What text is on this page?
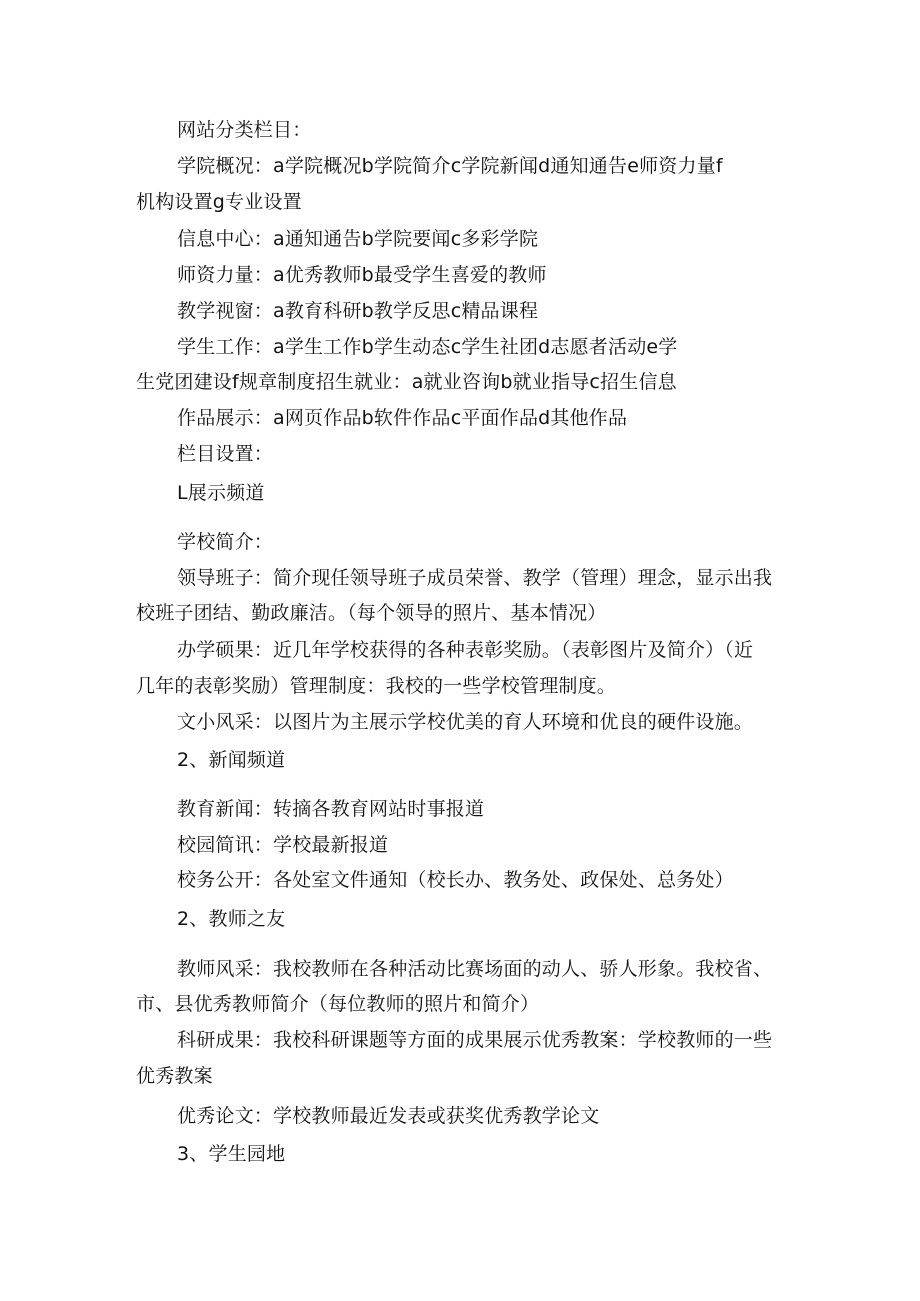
网站分类栏目：
学院概况：a学院概况b学院简介c学院新闻d通知通告e师资力量f
机构设置g专业设置
信息中心：a通知通告b学院要闻c多彩学院
师资力量：a优秀教师b最受学生喜爱的教师
教学视窗：a教育科研b教学反思c精品课程
学生工作：a学生工作b学生动态c学生社团d志愿者活动e学
生党团建设f规章制度招生就业：a就业咨询b就业指导c招生信息
作品展示：a网页作品b软件作品c平面作品d其他作品
栏目设置：
L展示频道
学校简介：
领导班子：简介现任领导班子成员荣誉、教学（管理）理念，显示出我
校班子团结、勤政廉洁。（每个领导的照片、基本情况）
办学硕果：近几年学校获得的各种表彰奖励。（表彰图片及简介）（近
几年的表彰奖励）管理制度：我校的一些学校管理制度。
文小风采：以图片为主展示学校优美的育人环境和优良的硬件设施。
2、新闻频道
教育新闻：转摘各教育网站时事报道
校园简讯：学校最新报道
校务公开：各处室文件通知（校长办、教务处、政保处、总务处）
2、教师之友
教师风采：我校教师在各种活动比赛场面的动人、骄人形象。我校省、
市、县优秀教师简介（每位教师的照片和简介）
科研成果：我校科研课题等方面的成果展示优秀教案：学校教师的一些
优秀教案
优秀论文：学校教师最近发表或获奖优秀教学论文
3、学生园地
